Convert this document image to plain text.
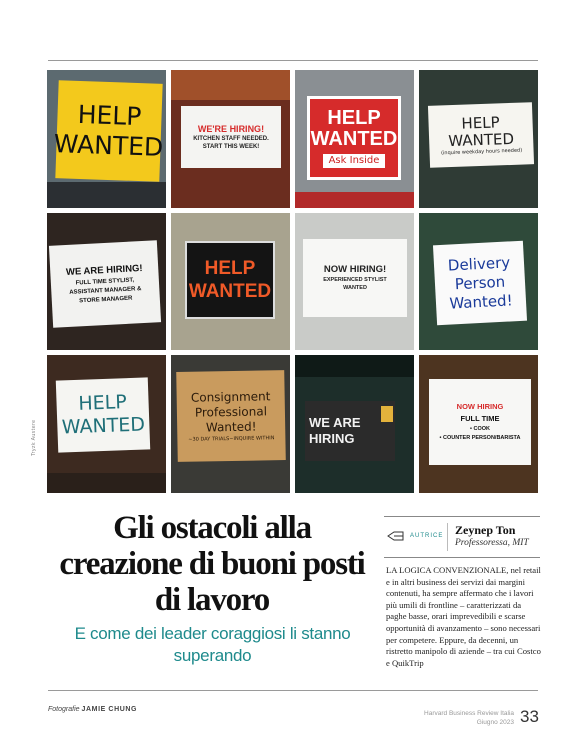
Tryzk Austere
HELP
WANTED
WE'RE HIRING!
KITCHEN STAFF NEEDED.
START THIS WEEK!
HELP
WANTED
Ask Inside
HELP
WANTED
(inquire weekday hours needed)
WE ARE HIRING!
FULL TIME STYLIST,
ASSISTANT MANAGER &
STORE MANAGER
HELP
WANTED
NOW HIRING!
EXPERIENCED STYLIST
WANTED
Delivery
Person
Wanted!
HELP
WANTED
Consignment
Professional
Wanted!
~30 DAY TRIALS~INQUIRE WITHIN
WE ARE
HIRING
NOW HIRING
FULL TIME
• COOK
• COUNTER PERSON/BARISTA
Gli ostacoli alla creazione di buoni posti di lavoro
E come dei leader coraggiosi li stanno superando
AUTRICE Zeynep Ton
Professoressa, MIT
LA LOGICA CONVENZIONALE, nel retail e in altri business dei servizi dai margini contenuti, ha sempre affermato che i lavori più umili di frontline – caratterizzati da paghe basse, orari imprevedibili e scarse opportunità di avanzamento – sono necessari per competere. Eppure, da decenni, un ristretto manipolo di aziende – tra cui Costco e QuikTrip
Fotografie JAMIE CHUNG
Harvard Business Review Italia
Giugno 2023 33
